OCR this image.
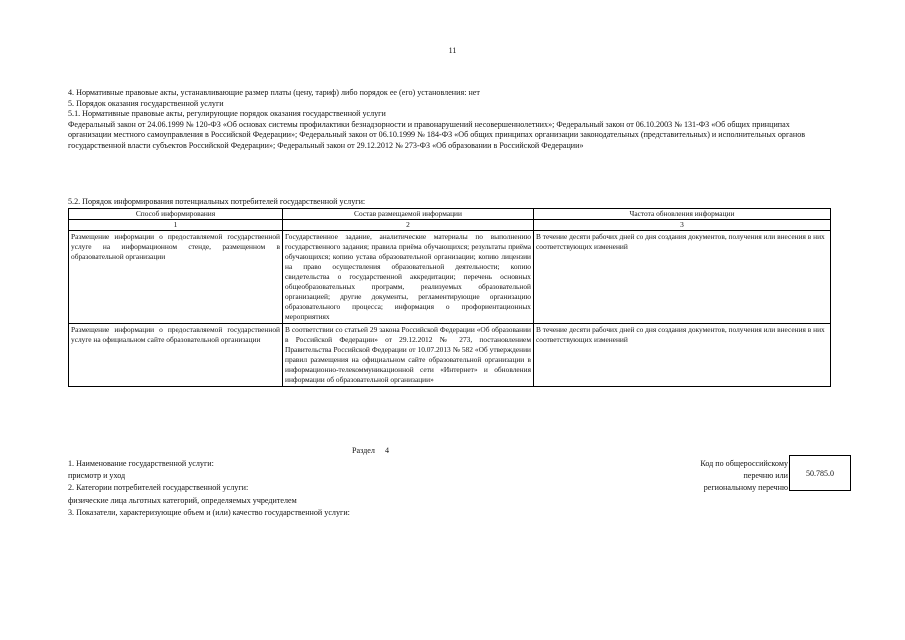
11

4. Нормативные правовые акты, устанавливающие размер платы (цену, тариф) либо порядок ее (его) установления: нет

5. Порядок оказания государственной услуги

5.1. Нормативные правовые акты, регулирующие порядок оказания государственной услуги

Федеральный закон от 24.06.1999 № 120-ФЗ «Об основах системы профилактики безнадзорности и правонарушений несовершеннолетних»; Федеральный закон от 06.10.2003 № 131-ФЗ «Об общих принципах организации местного самоуправления в Российской Федерации»; Федеральный закон от 06.10.1999 № 184-ФЗ «Об общих принципах организации законодательных (представительных) и исполнительных органов государственной власти субъектов Российской Федерации»; Федеральный закон от 29.12.2012 № 273-ФЗ «Об образовании в Российской Федерации»

5.2. Порядок информирования потенциальных потребителей государственной услуги:
Способ информирования	Состав размещаемой информации	Частота обновления информации
1	2	3
Размещение информации о предоставляемой государственной услуге на информационном стенде, размещенном в образовательной организации	Государственное задание, аналитические материалы по выполнению государственного задания; правила приёма обучающихся; результаты приёма обучающихся; копию устава образовательной организации; копию лицензии на право осуществления образовательной деятельности; копию свидетельства о государственной аккредитации; перечень основных общеобразовательных программ, реализуемых образовательной организацией; другие документы, регламентирующие организацию образовательного процесса; информация о профориентационных мероприятиях	В течение десяти рабочих дней со дня создания документов, получения или внесения в них соответствующих изменений
Размещение информации о предоставляемой государственной услуге на официальном сайте образовательной организации	В соответствии со статьей 29 закона Российской Федерации «Об образовании в Российской Федерации» от 29.12.2012 № 273, постановлением Правительства Российской Федерации от 10.07.2013 № 582 «Об утверждении правил размещения на официальном сайте образовательной организации в информационно-телекоммуникационной сети «Интернет» и обновления информации об образовательной организации»	В течение десяти рабочих дней со дня создания документов, получения или внесения в них соответствующих изменений
Раздел 4

1. Наименование государственной услуги:

присмотр и уход

2. Категории потребителей государственной услуги:

физические лица льготных категорий, определяемых учредителем

3. Показатели, характеризующие объем и (или) качество государственной услуги:

Код по общероссийскому
перечню или
региональному перечню
50.785.0
